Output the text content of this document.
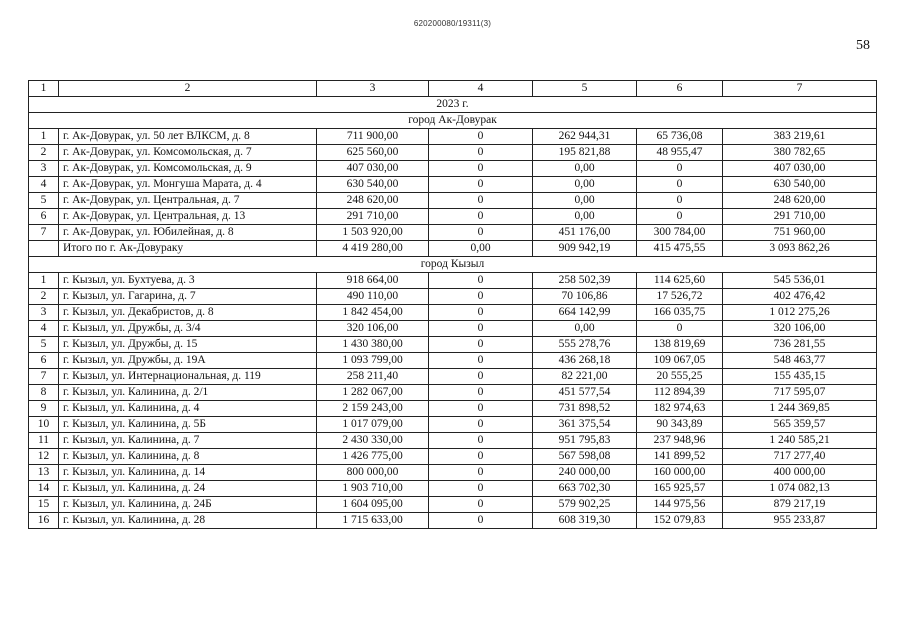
620200080/19311(3)
58
1	2	3	4	5	6	7
2023 г.						
город Ак-Довурак						
1	г. Ак-Довурак, ул. 50 лет ВЛКСМ, д. 8	711 900,00	0	262 944,31	65 736,08	383 219,61
2	г. Ак-Довурак, ул. Комсомольская, д. 7	625 560,00	0	195 821,88	48 955,47	380 782,65
3	г. Ак-Довурак, ул. Комсомольская, д. 9	407 030,00	0	0,00	0	407 030,00
4	г. Ак-Довурак, ул. Монгуша Марата, д. 4	630 540,00	0	0,00	0	630 540,00
5	г. Ак-Довурак, ул. Центральная, д. 7	248 620,00	0	0,00	0	248 620,00
6	г. Ак-Довурак, ул. Центральная, д. 13	291 710,00	0	0,00	0	291 710,00
7	г. Ак-Довурак, ул. Юбилейная, д. 8	1 503 920,00	0	451 176,00	300 784,00	751 960,00
	Итого по г. Ак-Довураку	4 419 280,00	0,00	909 942,19	415 475,55	3 093 862,26
город Кызыл						
1	г. Кызыл, ул. Бухтуева, д. 3	918 664,00	0	258 502,39	114 625,60	545 536,01
2	г. Кызыл, ул. Гагарина, д. 7	490 110,00	0	70 106,86	17 526,72	402 476,42
3	г. Кызыл, ул. Декабристов, д. 8	1 842 454,00	0	664 142,99	166 035,75	1 012 275,26
4	г. Кызыл, ул. Дружбы, д. 3/4	320 106,00	0	0,00	0	320 106,00
5	г. Кызыл, ул. Дружбы, д. 15	1 430 380,00	0	555 278,76	138 819,69	736 281,55
6	г. Кызыл, ул. Дружбы, д. 19А	1 093 799,00	0	436 268,18	109 067,05	548 463,77
7	г. Кызыл, ул. Интернациональная, д. 119	258 211,40	0	82 221,00	20 555,25	155 435,15
8	г. Кызыл, ул. Калинина, д. 2/1	1 282 067,00	0	451 577,54	112 894,39	717 595,07
9	г. Кызыл, ул. Калинина, д. 4	2 159 243,00	0	731 898,52	182 974,63	1 244 369,85
10	г. Кызыл, ул. Калинина, д. 5Б	1 017 079,00	0	361 375,54	90 343,89	565 359,57
11	г. Кызыл, ул. Калинина, д. 7	2 430 330,00	0	951 795,83	237 948,96	1 240 585,21
12	г. Кызыл, ул. Калинина, д. 8	1 426 775,00	0	567 598,08	141 899,52	717 277,40
13	г. Кызыл, ул. Калинина, д. 14	800 000,00	0	240 000,00	160 000,00	400 000,00
14	г. Кызыл, ул. Калинина, д. 24	1 903 710,00	0	663 702,30	165 925,57	1 074 082,13
15	г. Кызыл, ул. Калинина, д. 24Б	1 604 095,00	0	579 902,25	144 975,56	879 217,19
16	г. Кызыл, ул. Калинина, д. 28	1 715 633,00	0	608 319,30	152 079,83	955 233,87
